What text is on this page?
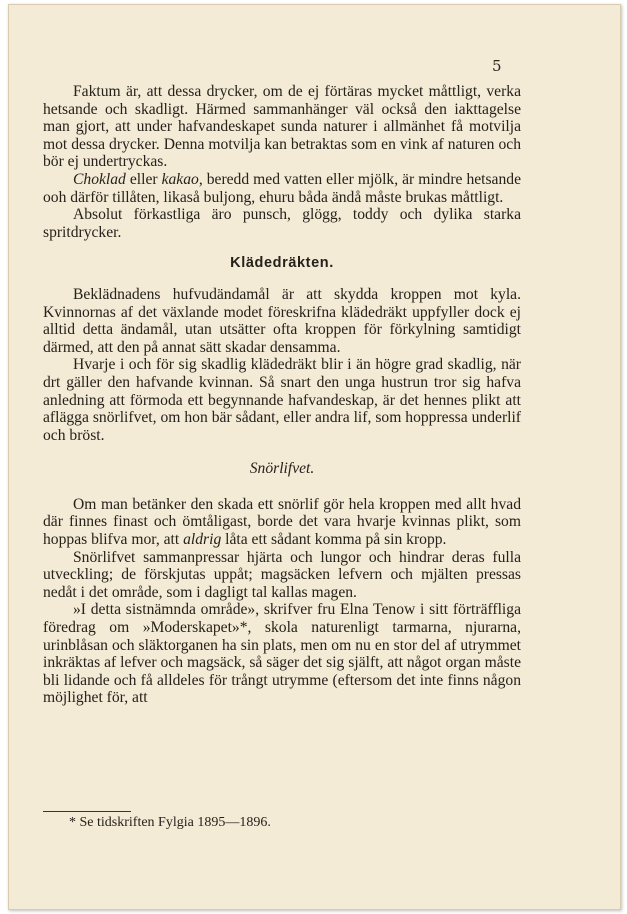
5

Faktum är, att dessa drycker, om de ej förtäras mycket måttligt, verka hetsande och skadligt. Härmed sammanhänger väl också den iakttagelse man gjort, att under hafvandeskapet sunda naturer i allmänhet få motvilja mot dessa drycker. Denna motvilja kan betraktas som en vink af naturen och bör ej undertryckas.

Choklad eller kakao, beredd med vatten eller mjölk, är mindre hetsande ooh därför tillåten, likaså buljong, ehuru båda ändå måste brukas måttligt.

Absolut förkastliga äro punsch, glögg, toddy och dylika starka spritdrycker.

Klädedräkten.

Beklädnadens hufvudändamål är att skydda kroppen mot kyla. Kvinnornas af det växlande modet föreskrifna klädedräkt uppfyller dock ej alltid detta ändamål, utan utsätter ofta kroppen för förkylning samtidigt därmed, att den på annat sätt skadar densamma.

Hvarje i och för sig skadlig klädedräkt blir i än högre grad skadlig, när drt gäller den hafvande kvinnan. Så snart den unga hustrun tror sig hafva anledning att förmoda ett begynnande hafvandeskap, är det hennes plikt att aflägga snörlifvet, om hon bär sådant, eller andra lif, som hoppressa underlif och bröst.

Snörlifvet.

Om man betänker den skada ett snörlif gör hela kroppen med allt hvad där finnes finast och ömtåligast, borde det vara hvarje kvinnas plikt, som hoppas blifva mor, att aldrig låta ett sådant komma på sin kropp.

Snörlifvet sammanpressar hjärta och lungor och hindrar deras fulla utveckling; de förskjutas uppåt; magsäcken lefvern och mjälten pressas nedåt i det område, som i dagligt tal kallas magen.

»I detta sistnämnda område», skrifver fru Elna Tenow i sitt förträffliga föredrag om »Moderskapet»*, skola naturenligt tarmarna, njurarna, urinblåsan och släktorganen ha sin plats, men om nu en stor del af utrymmet inkräktas af lefver och magsäck, så säger det sig själft, att något organ måste bli lidande och få alldeles för trångt utrymme (eftersom det inte finns någon möjlighet för, att

* Se tidskriften Fylgia 1895—1896.
